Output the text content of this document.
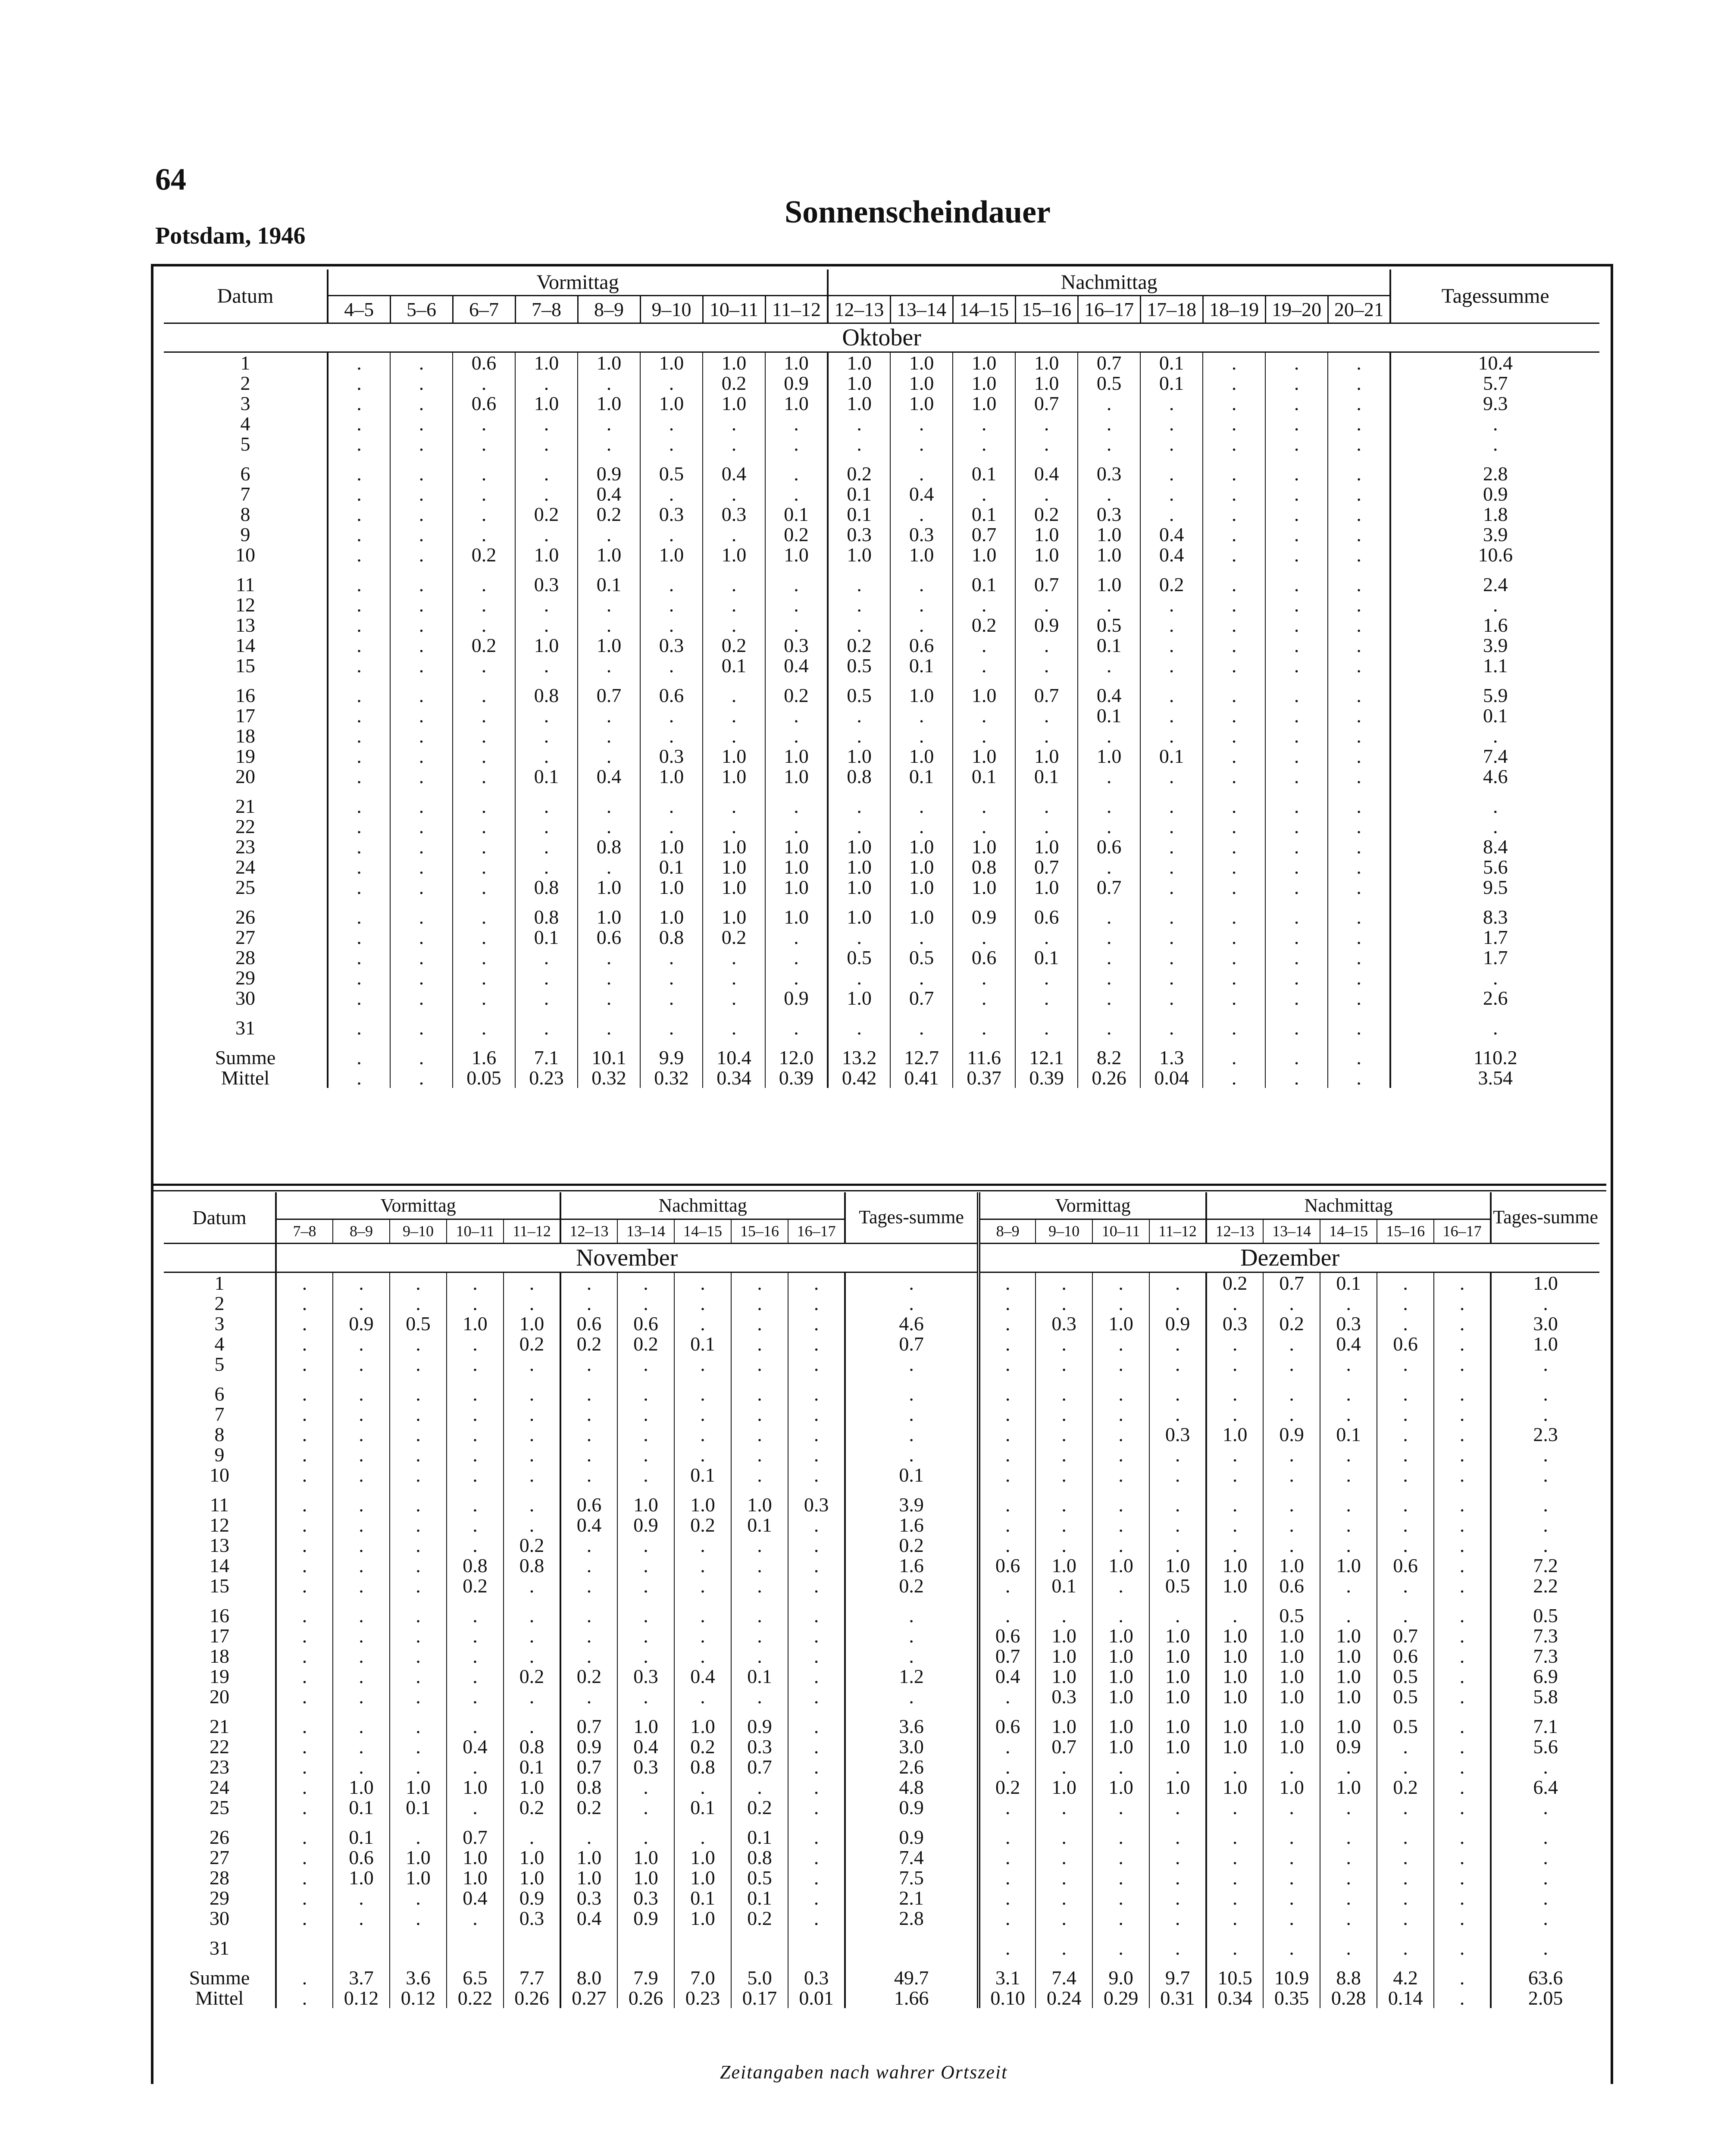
64
Potsdam, 1946
Sonnenscheindauer
Datum	Vormittag								Nachmittag									Tagessumme
	4–5	5–6	6–7	7–8	8–9	9–10	10–11	11–12	12–13	13–14	14–15	15–16	16–17	17–18	18–19	19–20	20–21	
Oktober																		
1	.	.	0.6	1.0	1.0	1.0	1.0	1.0	1.0	1.0	1.0	1.0	0.7	0.1	.	.	.	10.4
2	.	.	.	.	.	.	0.2	0.9	1.0	1.0	1.0	1.0	0.5	0.1	.	.	.	5.7
3	.	.	0.6	1.0	1.0	1.0	1.0	1.0	1.0	1.0	1.0	0.7	.	.	.	.	.	9.3
4	.	.	.	.	.	.	.	.	.	.	.	.	.	.	.	.	.	.
5	.	.	.	.	.	.	.	.	.	.	.	.	.	.	.	.	.	.

6	.	.	.	.	0.9	0.5	0.4	.	0.2	.	0.1	0.4	0.3	.	.	.	.	2.8
7	.	.	.	.	0.4	.	.	.	0.1	0.4	.	.	.	.	.	.	.	0.9
8	.	.	.	0.2	0.2	0.3	0.3	0.1	0.1	.	0.1	0.2	0.3	.	.	.	.	1.8
9	.	.	.	.	.	.	.	0.2	0.3	0.3	0.7	1.0	1.0	0.4	.	.	.	3.9
10	.	.	0.2	1.0	1.0	1.0	1.0	1.0	1.0	1.0	1.0	1.0	1.0	0.4	.	.	.	10.6

11	.	.	.	0.3	0.1	.	.	.	.	.	0.1	0.7	1.0	0.2	.	.	.	2.4
12	.	.	.	.	.	.	.	.	.	.	.	.	.	.	.	.	.	.
13	.	.	.	.	.	.	.	.	.	.	0.2	0.9	0.5	.	.	.	.	1.6
14	.	.	0.2	1.0	1.0	0.3	0.2	0.3	0.2	0.6	.	.	0.1	.	.	.	.	3.9
15	.	.	.	.	.	.	0.1	0.4	0.5	0.1	.	.	.	.	.	.	.	1.1

16	.	.	.	0.8	0.7	0.6	.	0.2	0.5	1.0	1.0	0.7	0.4	.	.	.	.	5.9
17	.	.	.	.	.	.	.	.	.	.	.	.	0.1	.	.	.	.	0.1
18	.	.	.	.	.	.	.	.	.	.	.	.	.	.	.	.	.	.
19	.	.	.	.	.	0.3	1.0	1.0	1.0	1.0	1.0	1.0	1.0	0.1	.	.	.	7.4
20	.	.	.	0.1	0.4	1.0	1.0	1.0	0.8	0.1	0.1	0.1	.	.	.	.	.	4.6

21	.	.	.	.	.	.	.	.	.	.	.	.	.	.	.	.	.	.
22	.	.	.	.	.	.	.	.	.	.	.	.	.	.	.	.	.	.
23	.	.	.	.	0.8	1.0	1.0	1.0	1.0	1.0	1.0	1.0	0.6	.	.	.	.	8.4
24	.	.	.	.	.	0.1	1.0	1.0	1.0	1.0	0.8	0.7	.	.	.	.	.	5.6
25	.	.	.	0.8	1.0	1.0	1.0	1.0	1.0	1.0	1.0	1.0	0.7	.	.	.	.	9.5

26	.	.	.	0.8	1.0	1.0	1.0	1.0	1.0	1.0	0.9	0.6	.	.	.	.	.	8.3
27	.	.	.	0.1	0.6	0.8	0.2	.	.	.	.	.	.	.	.	.	.	1.7
28	.	.	.	.	.	.	.	.	0.5	0.5	0.6	0.1	.	.	.	.	.	1.7
29	.	.	.	.	.	.	.	.	.	.	.	.	.	.	.	.	.	.
30	.	.	.	.	.	.	.	0.9	1.0	0.7	.	.	.	.	.	.	.	2.6

31	.	.	.	.	.	.	.	.	.	.	.	.	.	.	.	.	.	.

Summe	.	.	1.6	7.1	10.1	9.9	10.4	12.0	13.2	12.7	11.6	12.1	8.2	1.3	.	.	.	110.2
Mittel	.	.	0.05	0.23	0.32	0.32	0.34	0.39	0.42	0.41	0.37	0.39	0.26	0.04	.	.	.	3.54
Datum	Vormittag					Nachmittag					Tages-summe	Vormittag				Nachmittag					Tages-summe
	7–8	8–9	9–10	10–11	11–12	12–13	13–14	14–15	15–16	16–17		8–9	9–10	10–11	11–12	12–13	13–14	14–15	15–16	16–17	
	November											Dezember									
1	.	.	.	.	.	.	.	.	.	.	.	.	.	.	.	0.2	0.7	0.1	.	.	1.0
2	.	.	.	.	.	.	.	.	.	.	.	.	.	.	.	.	.	.	.	.	.
3	.	0.9	0.5	1.0	1.0	0.6	0.6	.	.	.	4.6	.	0.3	1.0	0.9	0.3	0.2	0.3	.	.	3.0
4	.	.	.	.	0.2	0.2	0.2	0.1	.	.	0.7	.	.	.	.	.	.	0.4	0.6	.	1.0
5	.	.	.	.	.	.	.	.	.	.	.	.	.	.	.	.	.	.	.	.	.

6	.	.	.	.	.	.	.	.	.	.	.	.	.	.	.	.	.	.	.	.	.
7	.	.	.	.	.	.	.	.	.	.	.	.	.	.	.	.	.	.	.	.	.
8	.	.	.	.	.	.	.	.	.	.	.	.	.	.	0.3	1.0	0.9	0.1	.	.	2.3
9	.	.	.	.	.	.	.	.	.	.	.	.	.	.	.	.	.	.	.	.	.
10	.	.	.	.	.	.	.	0.1	.	.	0.1	.	.	.	.	.	.	.	.	.	.

11	.	.	.	.	.	0.6	1.0	1.0	1.0	0.3	3.9	.	.	.	.	.	.	.	.	.	.
12	.	.	.	.	.	0.4	0.9	0.2	0.1	.	1.6	.	.	.	.	.	.	.	.	.	.
13	.	.	.	.	0.2	.	.	.	.	.	0.2	.	.	.	.	.	.	.	.	.	.
14	.	.	.	0.8	0.8	.	.	.	.	.	1.6	0.6	1.0	1.0	1.0	1.0	1.0	1.0	0.6	.	7.2
15	.	.	.	0.2	.	.	.	.	.	.	0.2	.	0.1	.	0.5	1.0	0.6	.	.	.	2.2

16	.	.	.	.	.	.	.	.	.	.	.	.	.	.	.	.	0.5	.	.	.	0.5
17	.	.	.	.	.	.	.	.	.	.	.	0.6	1.0	1.0	1.0	1.0	1.0	1.0	0.7	.	7.3
18	.	.	.	.	.	.	.	.	.	.	.	0.7	1.0	1.0	1.0	1.0	1.0	1.0	0.6	.	7.3
19	.	.	.	.	0.2	0.2	0.3	0.4	0.1	.	1.2	0.4	1.0	1.0	1.0	1.0	1.0	1.0	0.5	.	6.9
20	.	.	.	.	.	.	.	.	.	.	.	.	0.3	1.0	1.0	1.0	1.0	1.0	0.5	.	5.8

21	.	.	.	.	.	0.7	1.0	1.0	0.9	.	3.6	0.6	1.0	1.0	1.0	1.0	1.0	1.0	0.5	.	7.1
22	.	.	.	0.4	0.8	0.9	0.4	0.2	0.3	.	3.0	.	0.7	1.0	1.0	1.0	1.0	0.9	.	.	5.6
23	.	.	.	.	0.1	0.7	0.3	0.8	0.7	.	2.6	.	.	.	.	.	.	.	.	.	.
24	.	1.0	1.0	1.0	1.0	0.8	.	.	.	.	4.8	0.2	1.0	1.0	1.0	1.0	1.0	1.0	0.2	.	6.4
25	.	0.1	0.1	.	0.2	0.2	.	0.1	0.2	.	0.9	.	.	.	.	.	.	.	.	.	.

26	.	0.1	.	0.7	.	.	.	.	0.1	.	0.9	.	.	.	.	.	.	.	.	.	.
27	.	0.6	1.0	1.0	1.0	1.0	1.0	1.0	0.8	.	7.4	.	.	.	.	.	.	.	.	.	.
28	.	1.0	1.0	1.0	1.0	1.0	1.0	1.0	0.5	.	7.5	.	.	.	.	.	.	.	.	.	.
29	.	.	.	0.4	0.9	0.3	0.3	0.1	0.1	.	2.1	.	.	.	.	.	.	.	.	.	.
30	.	.	.	.	0.3	0.4	0.9	1.0	0.2	.	2.8	.	.	.	.	.	.	.	.	.	.

31												.	.	.	.	.	.	.	.	.	.

Summe	.	3.7	3.6	6.5	7.7	8.0	7.9	7.0	5.0	0.3	49.7	3.1	7.4	9.0	9.7	10.5	10.9	8.8	4.2	.	63.6
Mittel	.	0.12	0.12	0.22	0.26	0.27	0.26	0.23	0.17	0.01	1.66	0.10	0.24	0.29	0.31	0.34	0.35	0.28	0.14	.	2.05
Zeitangaben nach wahrer Ortszeit
